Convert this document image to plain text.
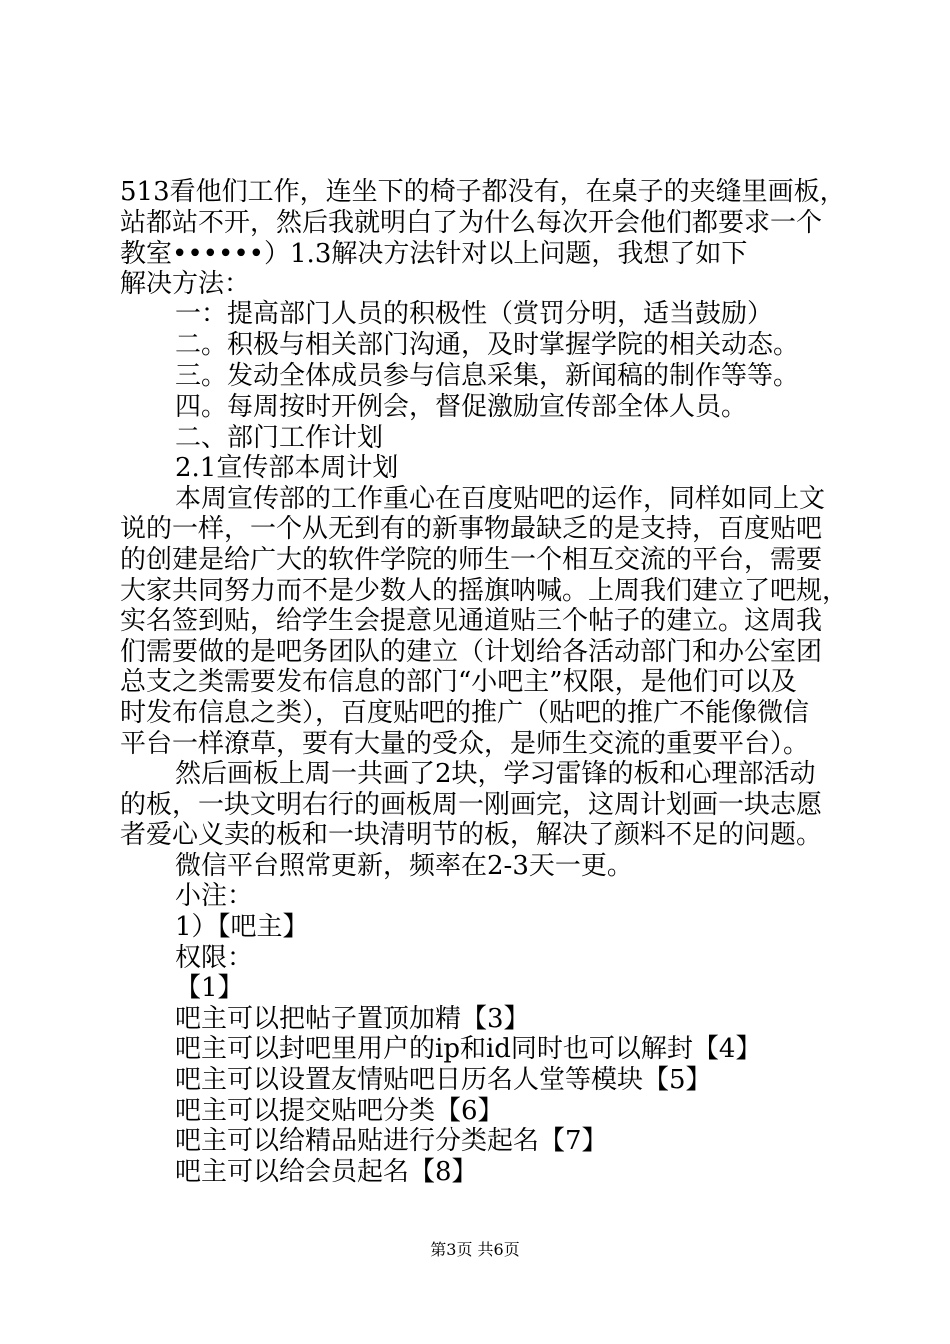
513看他们工作，连坐下的椅子都没有，在桌子的夹缝里画板，

站都站不开，然后我就明白了为什么每次开会他们都要求一个

教室••••••）1.3解决方法针对以上问题，我想了如下

解决方法：

一：提高部门人员的积极性（赏罚分明，适当鼓励）

二。积极与相关部门沟通，及时掌握学院的相关动态。

三。发动全体成员参与信息采集，新闻稿的制作等等。

四。每周按时开例会，督促激励宣传部全体人员。

二、部门工作计划

2.1宣传部本周计划

本周宣传部的工作重心在百度贴吧的运作，同样如同上文

说的一样，一个从无到有的新事物最缺乏的是支持，百度贴吧

的创建是给广大的软件学院的师生一个相互交流的平台，需要

大家共同努力而不是少数人的摇旗呐喊。上周我们建立了吧规，

实名签到贴，给学生会提意见通道贴三个帖子的建立。这周我

们需要做的是吧务团队的建立（计划给各活动部门和办公室团

总支之类需要发布信息的部门“小吧主”权限，是他们可以及

时发布信息之类），百度贴吧的推广（贴吧的推广不能像微信

平台一样潦草，要有大量的受众，是师生交流的重要平台）。

然后画板上周一共画了2块，学习雷锋的板和心理部活动

的板，一块文明右行的画板周一刚画完，这周计划画一块志愿

者爱心义卖的板和一块清明节的板，解决了颜料不足的问题。

微信平台照常更新，频率在2-3天一更。

小注：

1）【吧主】

权限：

【1】

吧主可以把帖子置顶加精【3】

吧主可以封吧里用户的ip和id同时也可以解封【4】

吧主可以设置友情贴吧日历名人堂等模块【5】

吧主可以提交贴吧分类【6】

吧主可以给精品贴进行分类起名【7】

吧主可以给会员起名【8】

第3页 共6页
